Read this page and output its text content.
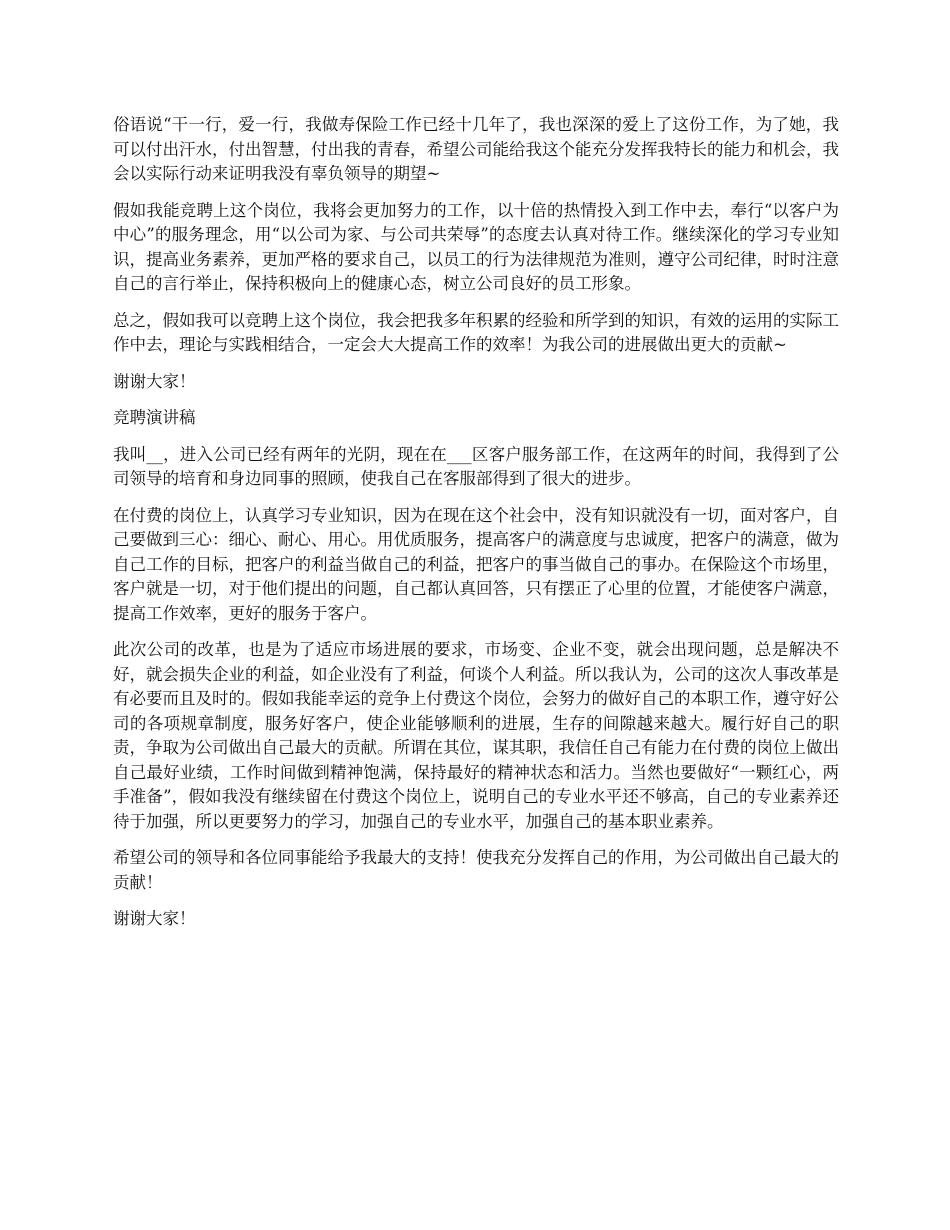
俗语说“干一行，爱一行，我做寿保险工作已经十几年了，我也深深的爱上了这份工作，为了她，我可以付出汗水，付出智慧，付出我的青春，希望公司能给我这个能充分发挥我特长的能力和机会，我会以实际行动来证明我没有辜负领导的期望~

假如我能竞聘上这个岗位，我将会更加努力的工作，以十倍的热情投入到工作中去，奉行“以客户为中心”的服务理念，用“以公司为家、与公司共荣辱”的态度去认真对待工作。继续深化的学习专业知识，提高业务素养，更加严格的要求自己，以员工的行为法律规范为准则，遵守公司纪律，时时注意自己的言行举止，保持积极向上的健康心态，树立公司良好的员工形象。

总之，假如我可以竞聘上这个岗位，我会把我多年积累的经验和所学到的知识，有效的运用的实际工作中去，理论与实践相结合，一定会大大提高工作的效率！为我公司的进展做出更大的贡献~

谢谢大家！

竞聘演讲稿

我叫__，进入公司已经有两年的光阴，现在在___区客户服务部工作，在这两年的时间，我得到了公司领导的培育和身边同事的照顾，使我自己在客服部得到了很大的进步。

在付费的岗位上，认真学习专业知识，因为在现在这个社会中，没有知识就没有一切，面对客户，自己要做到三心：细心、耐心、用心。用优质服务，提高客户的满意度与忠诚度，把客户的满意，做为自己工作的目标，把客户的利益当做自己的利益，把客户的事当做自己的事办。在保险这个市场里，客户就是一切，对于他们提出的问题，自己都认真回答，只有摆正了心里的位置，才能使客户满意，提高工作效率，更好的服务于客户。

此次公司的改革，也是为了适应市场进展的要求，市场变、企业不变，就会出现问题，总是解决不好，就会损失企业的利益，如企业没有了利益，何谈个人利益。所以我认为，公司的这次人事改革是有必要而且及时的。假如我能幸运的竞争上付费这个岗位，会努力的做好自己的本职工作，遵守好公司的各项规章制度，服务好客户，使企业能够顺利的进展，生存的间隙越来越大。履行好自己的职责，争取为公司做出自己最大的贡献。所谓在其位，谋其职，我信任自己有能力在付费的岗位上做出自己最好业绩，工作时间做到精神饱满，保持最好的精神状态和活力。当然也要做好“一颗红心，两手准备”，假如我没有继续留在付费这个岗位上，说明自己的专业水平还不够高，自己的专业素养还待于加强，所以更要努力的学习，加强自己的专业水平，加强自己的基本职业素养。

希望公司的领导和各位同事能给予我最大的支持！使我充分发挥自己的作用，为公司做出自己最大的贡献！

谢谢大家！
